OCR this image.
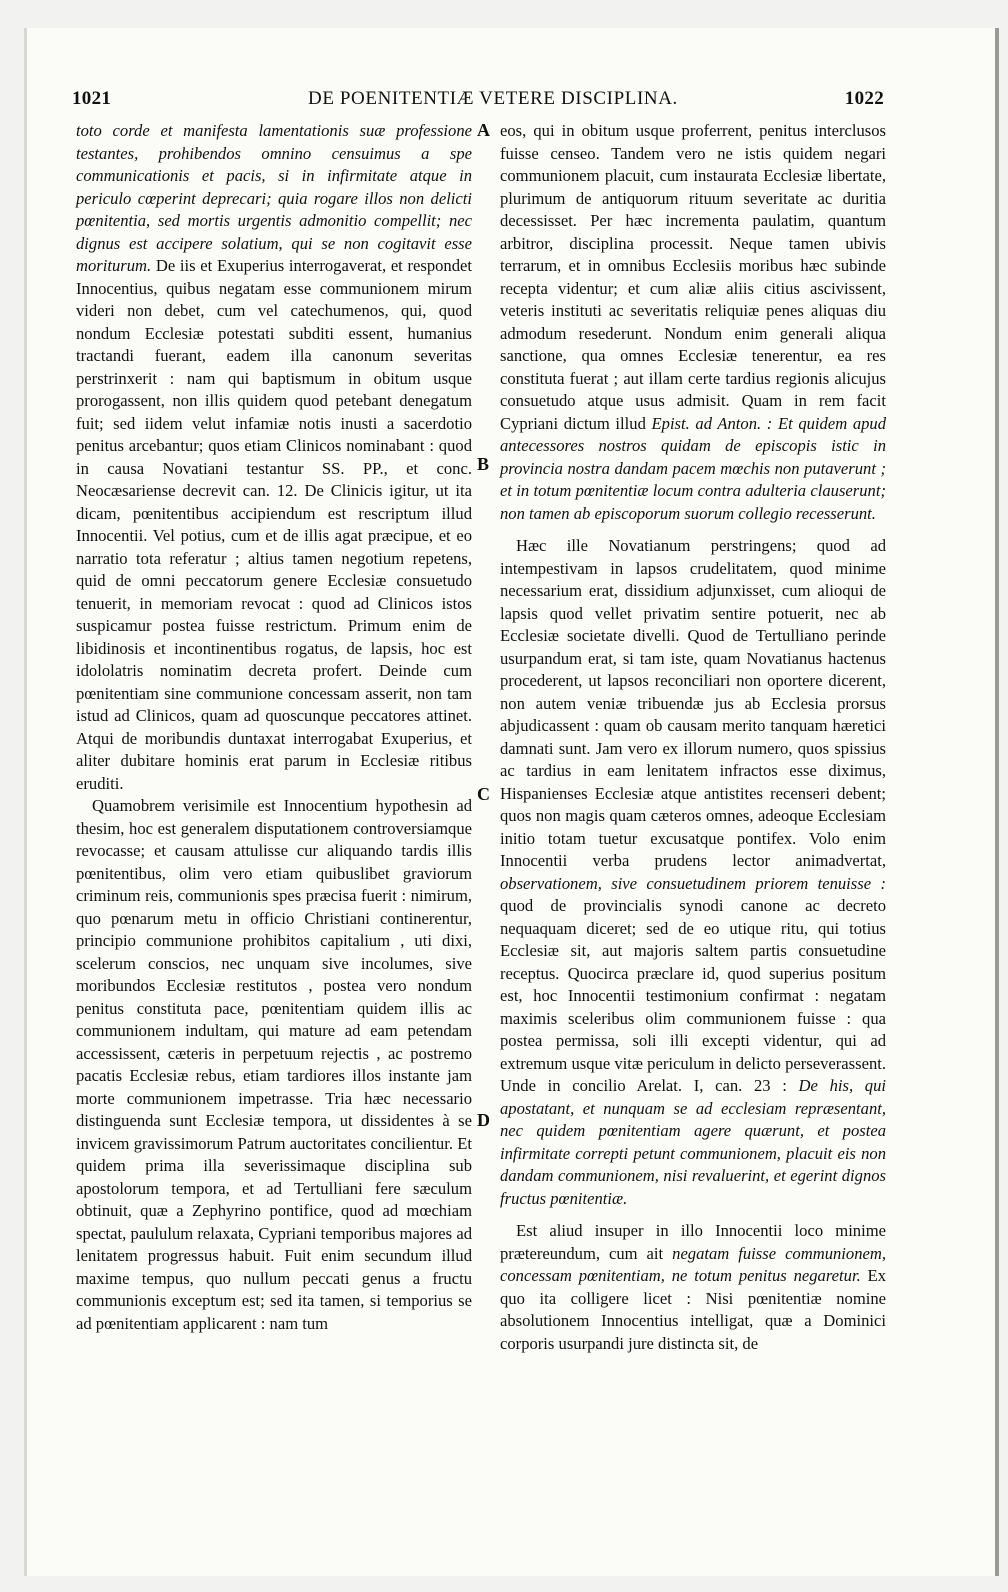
1021	DE POENITENTIÆ VETERE DISCIPLINA.	1022

toto corde et manifesta lamentationis suæ professione testantes, prohibendos omnino censuimus a spe communicationis et pacis, si in infirmitate atque in periculo cœperint deprecari; quia rogare illos non delicti pœnitentia, sed mortis urgentis admonitio compellit; nec dignus est accipere solatium, qui se non cogitavit esse moriturum. De iis et Exuperius interrogaverat, et respondet Innocentius, quibus negatam esse communionem mirum videri non debet, cum vel catechumenos, qui, quod nondum Ecclesiæ potestati subditi essent, humanius tractandi fuerant, eadem illa canonum severitas perstrinxerit : nam qui baptismum in obitum usque prorogassent, non illis quidem quod petebant denegatum fuit; sed iidem velut infamiæ notis inusti a sacerdotio penitus arcebantur; quos etiam Clinicos nominabant : quod in causa Novatiani testantur SS. PP., et conc. Neocæsariense decrevit can. 12. De Clinicis igitur, ut ita dicam, pœnitentibus accipiendum est rescriptum illud Innocentii. Vel potius, cum et de illis agat præcipue, et eo narratio tota referatur ; altius tamen negotium repetens, quid de omni peccatorum genere Ecclesiæ consuetudo tenuerit, in memoriam revocat : quod ad Clinicos istos suspicamur postea fuisse restrictum. Primum enim de libidinosis et incontinentibus rogatus, de lapsis, hoc est idololatris nominatim decreta profert. Deinde cum pœnitentiam sine communione concessam asserit, non tam istud ad Clinicos, quam ad quoscunque peccatores attinet. Atqui de moribundis duntaxat interrogabat Exuperius, et aliter dubitare hominis erat parum in Ecclesiæ ritibus eruditi.

Quamobrem verisimile est Innocentium hypothesin ad thesim, hoc est generalem disputationem controversiamque revocasse; et causam attulisse cur aliquando tardis illis pœnitentibus, olim vero etiam quibuslibet graviorum criminum reis, communionis spes præcisa fuerit : nimirum, quo pœnarum metu in officio Christiani continerentur, principio communione prohibitos capitalium , uti dixi, scelerum conscios, nec unquam sive incolumes, sive moribundos Ecclesiæ restitutos , postea vero nondum penitus constituta pace, pœnitentiam quidem illis ac communionem indultam, qui mature ad eam petendam accessissent, cæteris in perpetuum rejectis , ac postremo pacatis Ecclesiæ rebus, etiam tardiores illos instante jam morte communionem impetrasse. Tria hæc necessario distinguenda sunt Ecclesiæ tempora, ut dissidentes à se invicem gravissimorum Patrum auctoritates concilientur. Et quidem prima illa severissimaque disciplina sub apostolorum tempora, et ad Tertulliani fere sæculum obtinuit, quæ a Zephyrino pontifice, quod ad mœchiam spectat, paululum relaxata, Cypriani temporibus majores ad lenitatem progressus habuit. Fuit enim secundum illud maxime tempus, quo nullum peccati genus a fructu communionis exceptum est; sed ita tamen, si temporius se ad pœnitentiam applicarent : nam tum

A
B
C
D

eos, qui in obitum usque proferrent, penitus interclusos fuisse censeo. Tandem vero ne istis quidem negari communionem placuit, cum instaurata Ecclesiæ libertate, plurimum de antiquorum rituum severitate ac duritia decessisset. Per hæc incrementa paulatim, quantum arbitror, disciplina processit. Neque tamen ubivis terrarum, et in omnibus Ecclesiis moribus hæc subinde recepta videntur; et cum aliæ aliis citius ascivissent, veteris instituti ac severitatis reliquiæ penes aliquas diu admodum resederunt. Nondum enim generali aliqua sanctione, qua omnes Ecclesiæ tenerentur, ea res constituta fuerat ; aut illam certe tardius regionis alicujus consuetudo atque usus admisit. Quam in rem facit Cypriani dictum illud Epist. ad Anton. : Et quidem apud antecessores nostros quidam de episcopis istic in provincia nostra dandam pacem mœchis non putaverunt ; et in totum pœnitentiæ locum contra adulteria clauserunt; non tamen ab episcoporum suorum collegio recesserunt.

Hæc ille Novatianum perstringens; quod ad intempestivam in lapsos crudelitatem, quod minime necessarium erat, dissidium adjunxisset, cum alioqui de lapsis quod vellet privatim sentire potuerit, nec ab Ecclesiæ societate divelli. Quod de Tertulliano perinde usurpandum erat, si tam iste, quam Novatianus hactenus procederent, ut lapsos reconciliari non oportere dicerent, non autem veniæ tribuendæ jus ab Ecclesia prorsus abjudicassent : quam ob causam merito tanquam hæretici damnati sunt. Jam vero ex illorum numero, quos spissius ac tardius in eam lenitatem infractos esse diximus, Hispanienses Ecclesiæ atque antistites recenseri debent; quos non magis quam cæteros omnes, adeoque Ecclesiam initio totam tuetur excusatque pontifex. Volo enim Innocentii verba prudens lector animadvertat, observationem, sive consuetudinem priorem tenuisse : quod de provincialis synodi canone ac decreto nequaquam diceret; sed de eo utique ritu, qui totius Ecclesiæ sit, aut majoris saltem partis consuetudine receptus. Quocirca præclare id, quod superius positum est, hoc Innocentii testimonium confirmat : negatam maximis sceleribus olim communionem fuisse : qua postea permissa, soli illi excepti videntur, qui ad extremum usque vitæ periculum in delicto perseverassent. Unde in concilio Arelat. I, can. 23 : De his, qui apostatant, et nunquam se ad ecclesiam repræsentant, nec quidem pœnitentiam agere quærunt, et postea infirmitate correpti petunt communionem, placuit eis non dandam communionem, nisi revaluerint, et egerint dignos fructus pœnitentiæ.

Est aliud insuper in illo Innocentii loco minime prætereundum, cum ait negatam fuisse communionem, concessam pœnitentiam, ne totum penitus negaretur. Ex quo ita colligere licet : Nisi pœnitentiæ nomine absolutionem Innocentius intelligat, quæ a Dominici corporis usurpandi jure distincta sit, de
